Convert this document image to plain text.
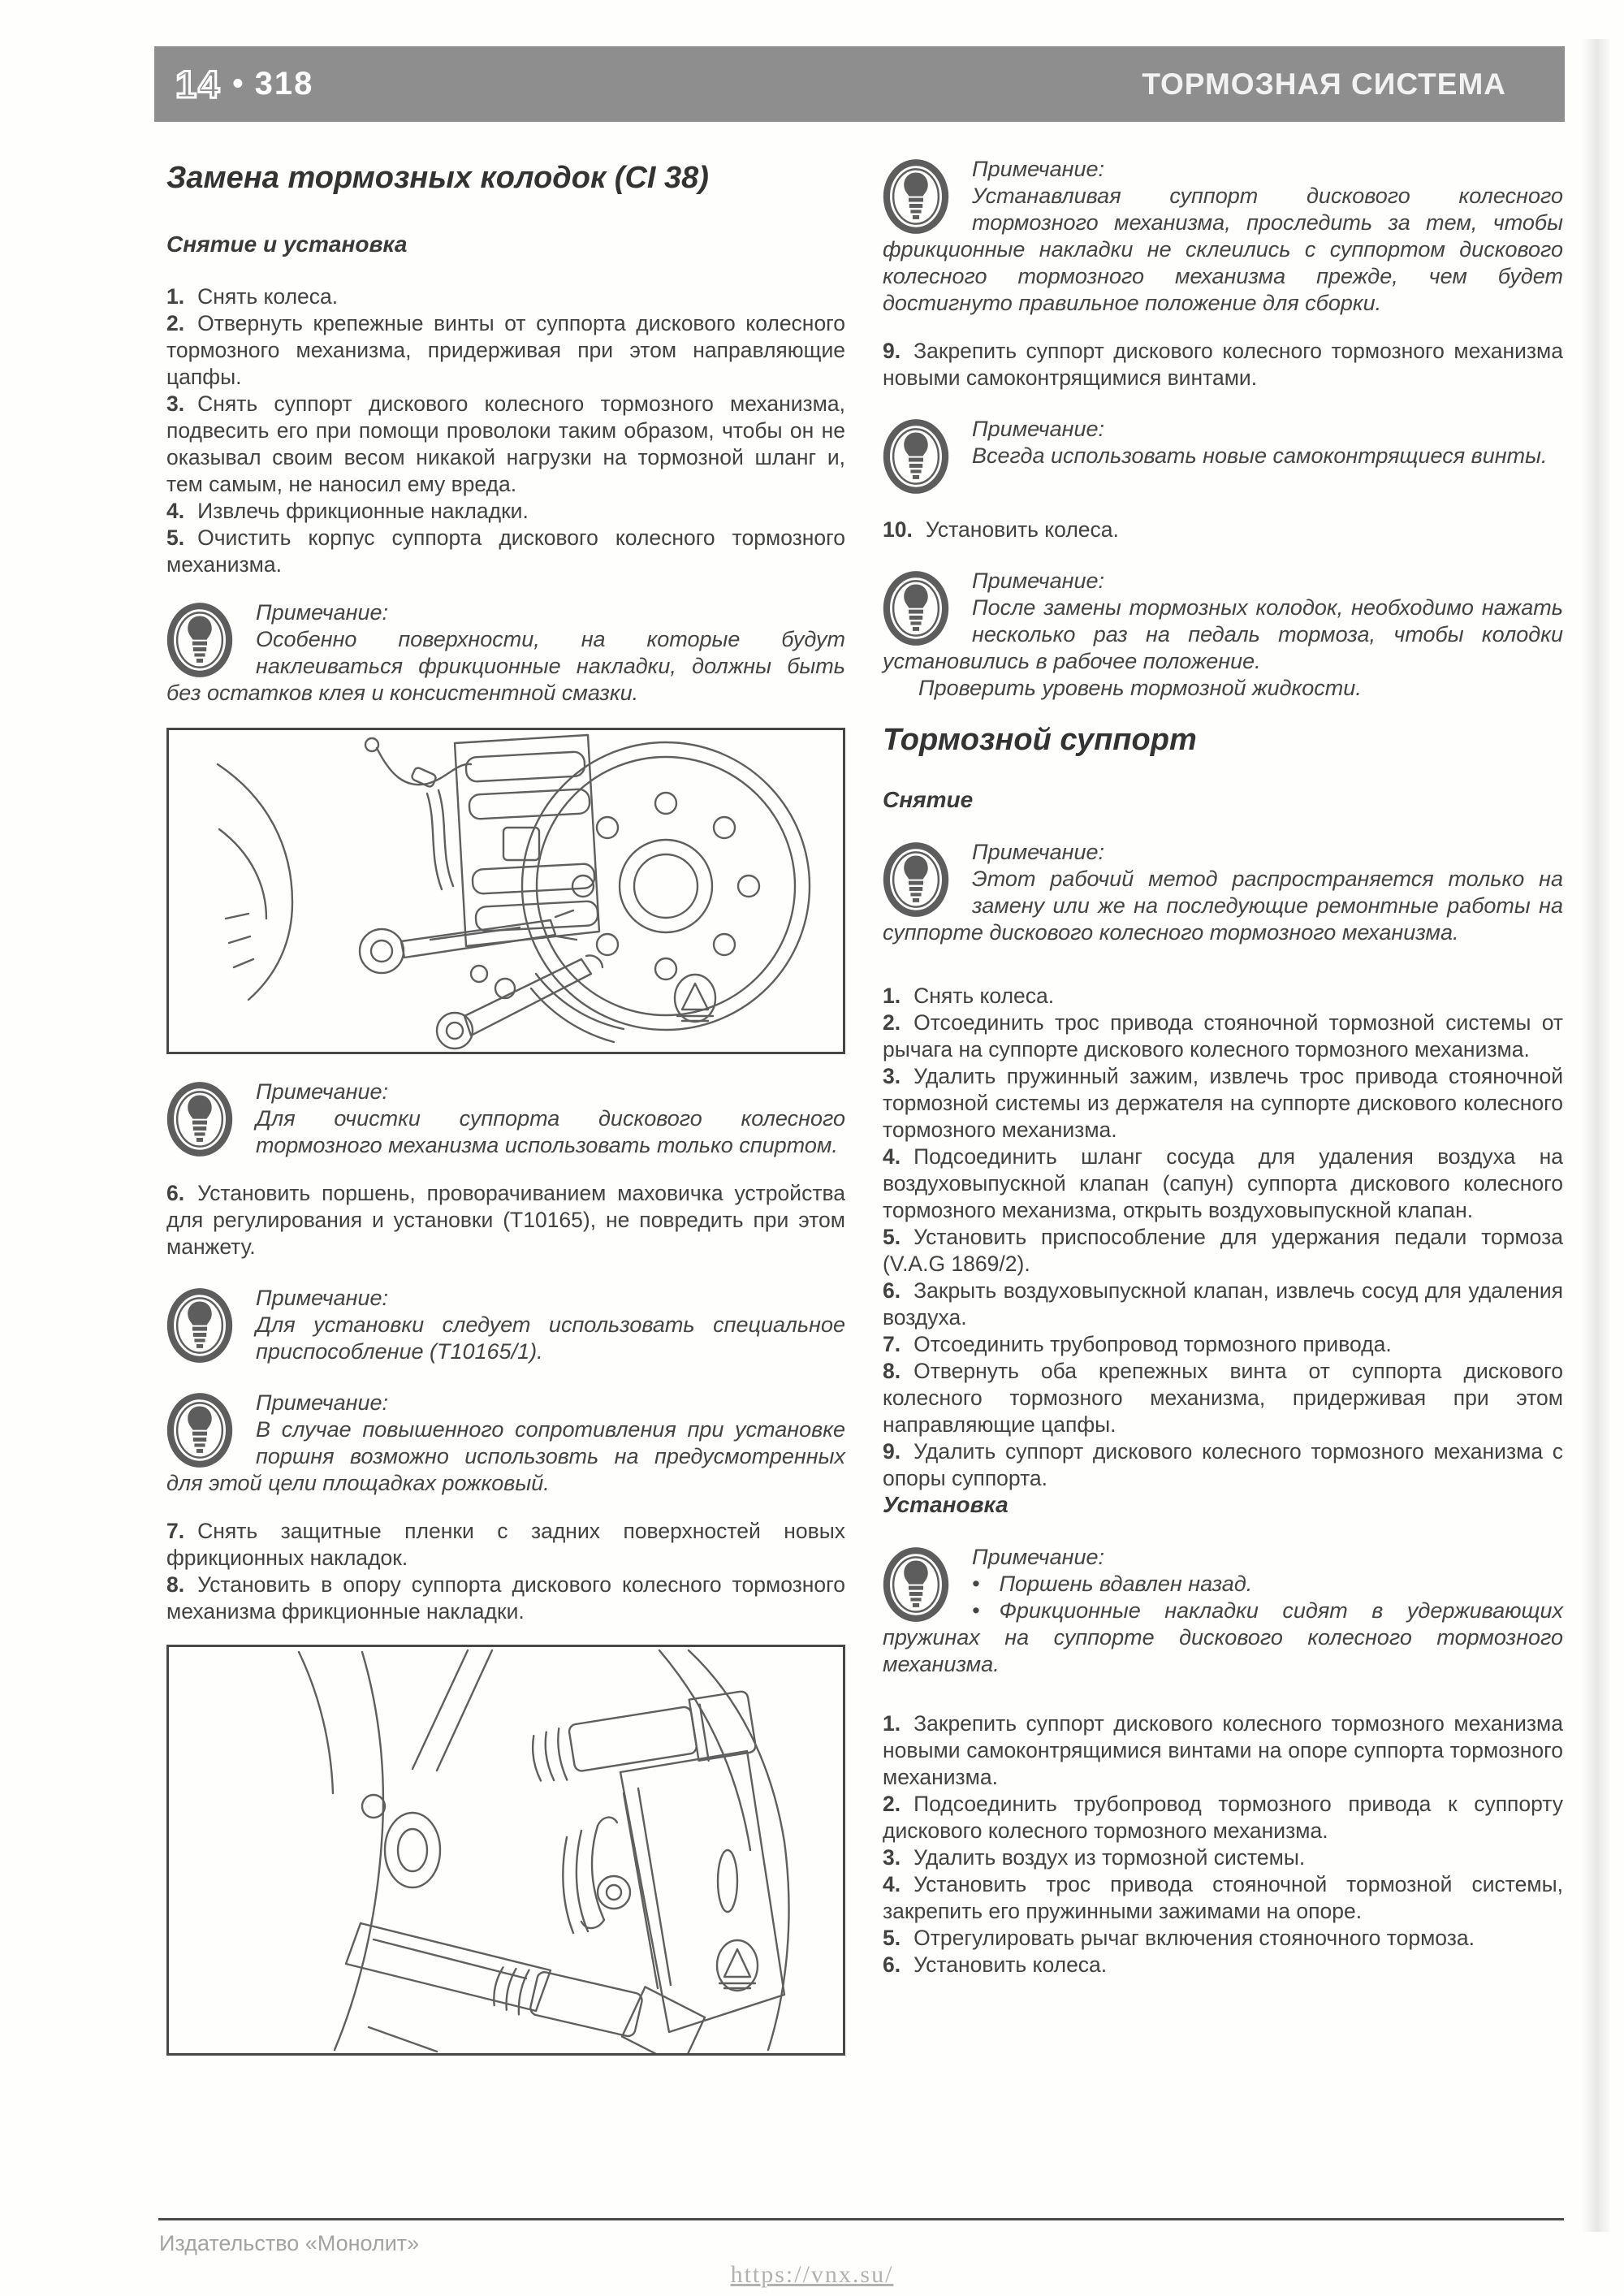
14 • 318	ТОРМОЗНАЯ СИСТЕМА
Замена тормозных колодок (CI 38)
Снятие и установка

1. Снять колеса.

2. Отвернуть крепежные винты от суппорта дискового колесного тормозного механизма, придерживая при этом направляющие цапфы.

3. Снять суппорт дискового колесного тормозного механизма, подвесить его при помощи проволоки таким образом, чтобы он не оказывал своим весом никакой нагрузки на тормозной шланг и, тем самым, не наносил ему вреда.

4. Извлечь фрикционные накладки.

5. Очистить корпус суппорта дискового колесного тормозного механизма.

Примечание:

Особенно поверхности, на которые будут наклеиваться фрикционные накладки, должны быть без остатков клея и консистентной смазки.

Примечание:

Для очистки суппорта дискового колесного тормозного механизма использовать только спиртом.

6. Установить поршень, проворачиванием маховичка устройства для регулирования и установки (Т10165), не повредить при этом манжету.

Примечание:

Для установки следует использовать специальное приспособление (Т10165/1).

Примечание:

В случае повышенного сопротивления при установке поршня возможно использовть на предусмотренных для этой цели площадках рожковый.

7. Снять защитные пленки с задних поверхностей новых фрикционных накладок.

8. Установить в опору суппорта дискового колесного тормозного механизма фрикционные накладки.

Примечание:

Устанавливая суппорт дискового колесного тормозного механизма, проследить за тем, чтобы фрикционные накладки не склеились с суппортом дискового колесного тормозного механизма прежде, чем будет достигнуто правильное положение для сборки.

9. Закрепить суппорт дискового колесного тормозного механизма новыми самоконтрящимися винтами.

Примечание:

Всегда использовать новые самоконтрящиеся винты.

10. Установить колеса.

Примечание:

После замены тормозных колодок, необходимо нажать несколько раз на педаль тормоза, чтобы колодки установились в рабочее положение.

Проверить уровень тормозной жидкости.

Тормозной суппорт
Снятие

Примечание:

Этот рабочий метод распространяется только на замену или же на последующие ремонтные работы на суппорте дискового колесного тормозного механизма.

1. Снять колеса.

2. Отсоединить трос привода стояночной тормозной системы от рычага на суппорте дискового колесного тормозного механизма.

3. Удалить пружинный зажим, извлечь трос привода стояночной тормозной системы из держателя на суппорте дискового колесного тормозного механизма.

4. Подсоединить шланг сосуда для удаления воздуха на воздуховыпускной клапан (сапун) суппорта дискового колесного тормозного механизма, открыть воздуховыпускной клапан.

5. Установить приспособление для удержания педали тормоза (V.A.G 1869/2).

6. Закрыть воздуховыпускной клапан, извлечь сосуд для удаления воздуха.

7. Отсоединить трубопровод тормозного привода.

8. Отвернуть оба крепежных винта от суппорта дискового колесного тормозного механизма, придерживая при этом направляющие цапфы.

9. Удалить суппорт дискового колесного тормозного механизма с опоры суппорта.

Установка

Примечание:

• Поршень вдавлен назад.

• Фрикционные накладки сидят в удерживающих пружинах на суппорте дискового колесного тормозного механизма.

1. Закрепить суппорт дискового колесного тормозного механизма новыми самоконтрящимися винтами на опоре суппорта тормозного механизма.

2. Подсоединить трубопровод тормозного привода к суппорту дискового колесного тормозного механизма.

3. Удалить воздух из тормозной системы.

4. Установить трос привода стояночной тормозной системы, закрепить его пружинными зажимами на опоре.

5. Отрегулировать рычаг включения стояночного тормоза.

6. Установить колеса.

Издательство «Монолит»
https://vnx.su/
